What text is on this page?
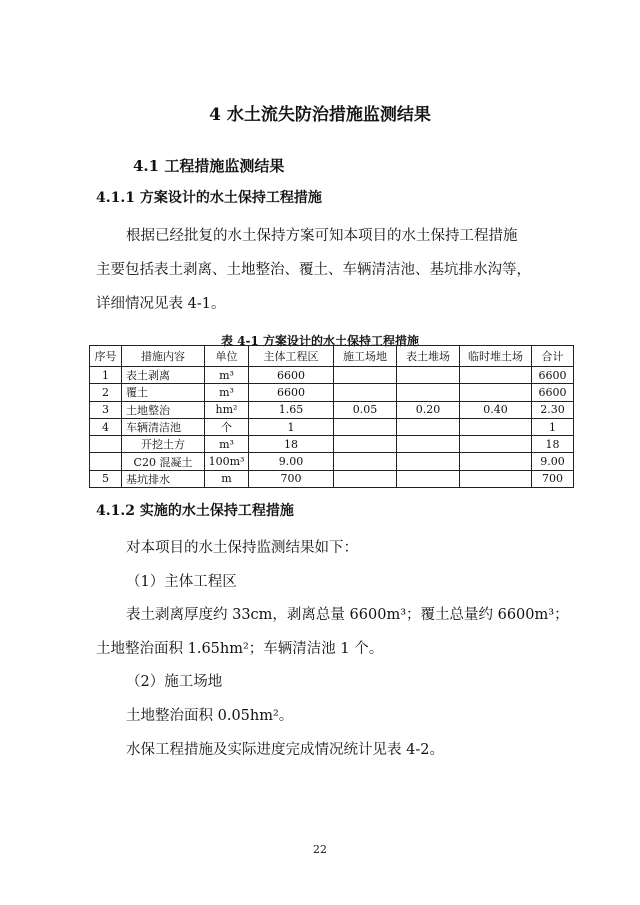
4 水土流失防治措施监测结果
4.1 工程措施监测结果
4.1.1 方案设计的水土保持工程措施
根据已经批复的水土保持方案可知本项目的水土保持工程措施
主要包括表土剥离、土地整治、覆土、车辆清洁池、基坑排水沟等，
详细情况见表 4-1。
表 4-1 方案设计的水土保持工程措施
序号	措施内容	单位	主体工程区	施工场地	表土堆场	临时堆土场	合计
1	表土剥离	m³	6600				6600
2	覆土	m³	6600				6600
3	土地整治	hm²	1.65	0.05	0.20	0.40	2.30
4	车辆清洁池	个	1				1
	开挖土方	m³	18				18
	C20 混凝土	100m³	9.00				9.00
5	基坑排水	m	700				700
4.1.2 实施的水土保持工程措施
对本项目的水土保持监测结果如下：
（1）主体工程区
表土剥离厚度约 33cm，剥离总量 6600m³；覆土总量约 6600m³；
土地整治面积 1.65hm²；车辆清洁池 1 个。
（2）施工场地
土地整治面积 0.05hm²。
水保工程措施及实际进度完成情况统计见表 4-2。
22
